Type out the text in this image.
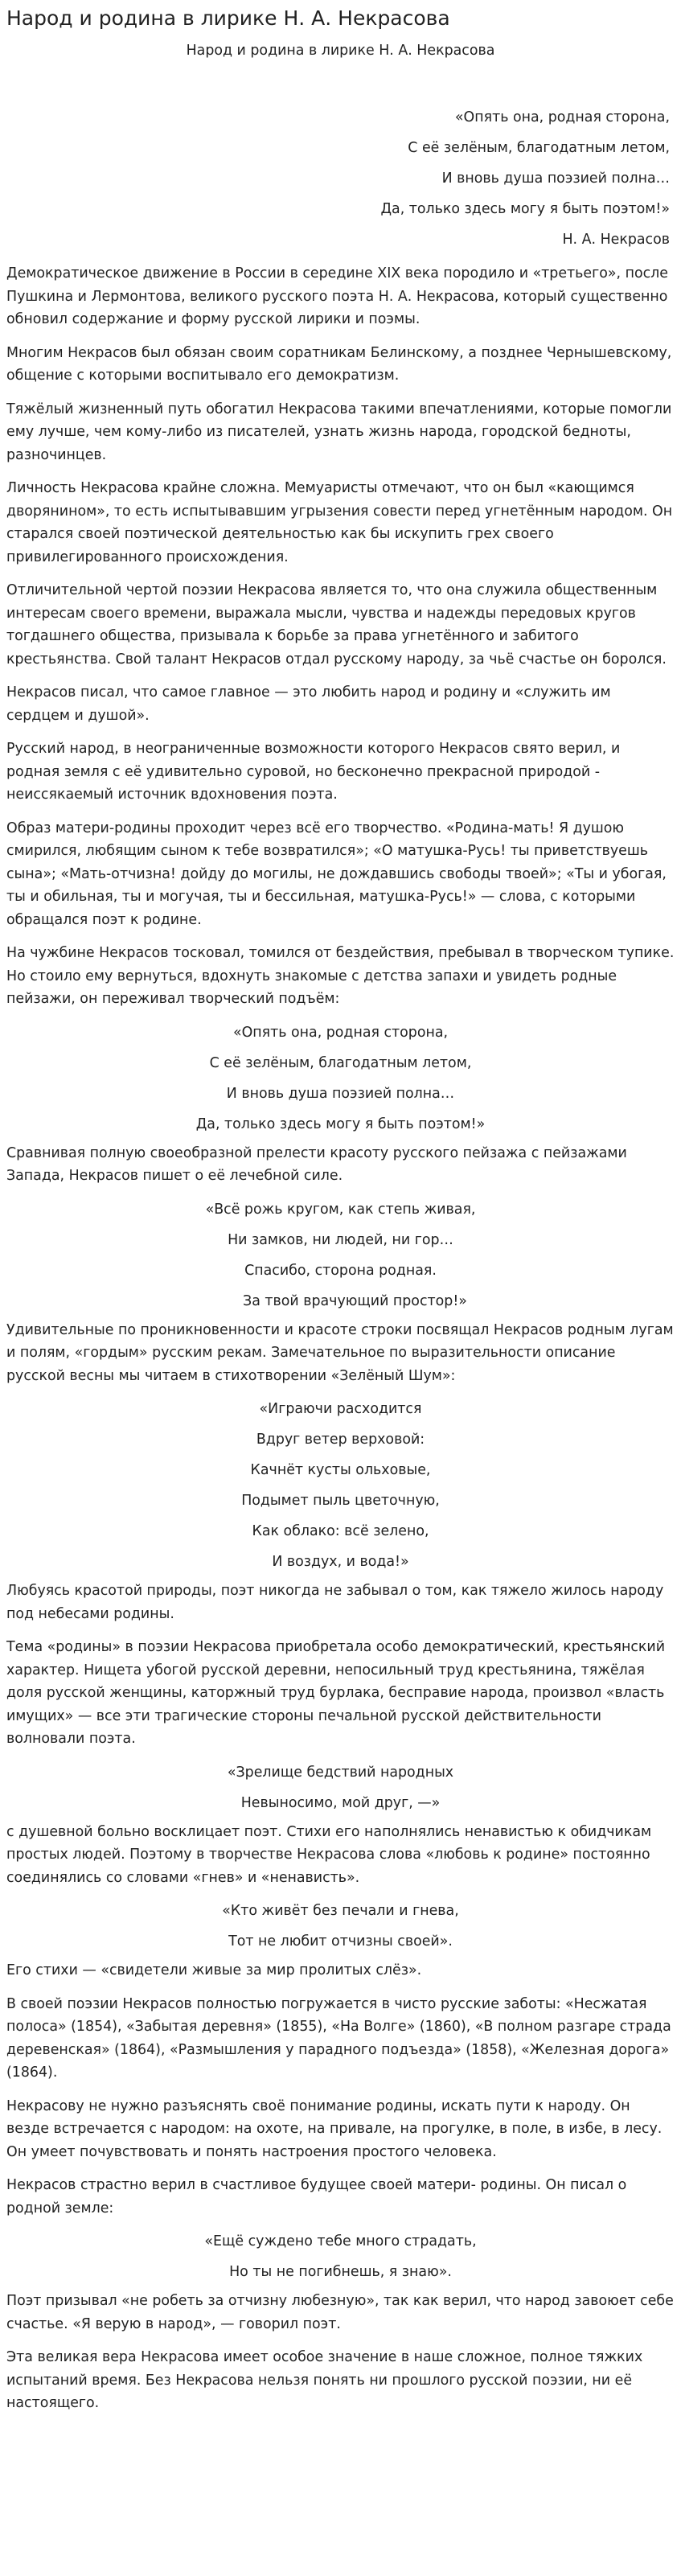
Народ и родина в лирике Н. А. Некрасова
Народ и родина в лирике Н. А. Некрасова
«Опять она, родная сторона,
С её зелёным, благодатным летом,
И вновь душа поэзией полна…
Да, только здесь могу я быть поэтом!»
Н. А. Некрасов

Демократическое движение в России в середине XIX века породило и «третьего», после Пушкина и Лермонтова, великого русского поэта Н. А. Некрасова, который существенно обновил содержание и форму русской лирики и поэмы.

Многим Некрасов был обязан своим соратникам Белинскому, а позднее Чернышевскому, общение с которыми воспитывало его демократизм.

Тяжёлый жизненный путь обогатил Некрасова такими впечатлениями, которые помогли ему лучше, чем кому-либо из писателей, узнать жизнь народа, городской бедноты, разночинцев.

Личность Некрасова крайне сложна. Мемуаристы отмечают, что он был «кающимся дворянином», то есть испытывавшим угрызения совести перед угнетённым народом. Он старался своей поэтической деятельностью как бы искупить грех своего привилегированного происхождения.

Отличительной чертой поэзии Некрасова является то, что она служила общественным интересам своего времени, выражала мысли, чувства и надежды передовых кругов тогдашнего общества, призывала к борьбе за права угнетённого и забитого крестьянства. Свой талант Некрасов отдал русскому народу, за чьё счастье он боролся.

Некрасов писал, что самое главное — это любить народ и родину и «служить им сердцем и душой».

Русский народ, в неограниченные возможности которого Некрасов свято верил, и родная земля с её удивительно суровой, но бесконечно прекрасной природой - неиссякаемый источник вдохновения поэта.

Образ матери-родины проходит через всё его творчество. «Родина-мать! Я душою смирился, любящим сыном к тебе возвратился»; «О матушка-Русь! ты приветствуешь сына»; «Мать-отчизна! дойду до могилы, не дождавшись свободы твоей»; «Ты и убогая, ты и обильная, ты и могучая, ты и бессильная, матушка-Русь!» — слова, с которыми обращался поэт к родине.

На чужбине Некрасов тосковал, томился от бездействия, пребывал в творческом тупике. Но стоило ему вернуться, вдохнуть знакомые с детства запахи и увидеть родные пейзажи, он переживал творческий подъём:

«Опять она, родная сторона,
С её зелёным, благодатным летом,
И вновь душа поэзией полна…
Да, только здесь могу я быть поэтом!»

Сравнивая полную своеобразной прелести красоту русского пейзажа с пейзажами Запада, Некрасов пишет о её лечебной силе.

«Всё рожь кругом, как степь живая,
Ни замков, ни людей, ни гор…
Спасибо, сторона родная.
За твой врачующий простор!»

Удивительные по проникновенности и красоте строки посвящал Некрасов родным лугам и полям, «гордым» русским рекам. Замечательное по выразительности описание русской весны мы читаем в стихотворении «Зелёный Шум»:

«Играючи расходится
Вдруг ветер верховой:
Качнёт кусты ольховые,
Подымет пыль цветочную,
Как облако: всё зелено,
И воздух, и вода!»

Любуясь красотой природы, поэт никогда не забывал о том, как тяжело жилось народу под небесами родины.

Тема «родины» в поэзии Некрасова приобретала особо демократический, крестьянский характер. Нищета убогой русской деревни, непосильный труд крестьянина, тяжёлая доля русской женщины, каторжный труд бурлака, бесправие народа, произвол «власть имущих» — все эти трагические стороны печальной русской действительности волновали поэта.

«Зрелище бедствий народных
Невыносимо, мой друг, —»

с душевной больно восклицает поэт. Стихи его наполнялись ненавистью к обидчикам простых людей. Поэтому в творчестве Некрасова слова «любовь к родине» постоянно соединялись со словами «гнев» и «ненависть».

«Кто живёт без печали и гнева,
Тот не любит отчизны своей».

Его стихи — «свидетели живые за мир пролитых слёз».

В своей поэзии Некрасов полностью погружается в чисто русские заботы: «Несжатая полоса» (1854), «Забытая деревня» (1855), «На Волге» (1860), «В полном разгаре страда деревенская» (1864), «Размышления у парадного подъезда» (1858), «Железная дорога» (1864).

Некрасову не нужно разъяснять своё понимание родины, искать пути к народу. Он везде встречается с народом: на охоте, на привале, на прогулке, в поле, в избе, в лесу. Он умеет почувствовать и понять настроения простого человека.

Некрасов страстно верил в счастливое будущее своей матери- родины. Он писал о родной земле:

«Ещё суждено тебе много страдать,
Но ты не погибнешь, я знаю».

Поэт призывал «не робеть за отчизну любезную», так как верил, что народ завоюет себе счастье. «Я верую в народ», — говорил поэт.

Эта великая вера Некрасова имеет особое значение в наше сложное, полное тяжких испытаний время. Без Некрасова нельзя понять ни прошлого русской поэзии, ни её настоящего.
